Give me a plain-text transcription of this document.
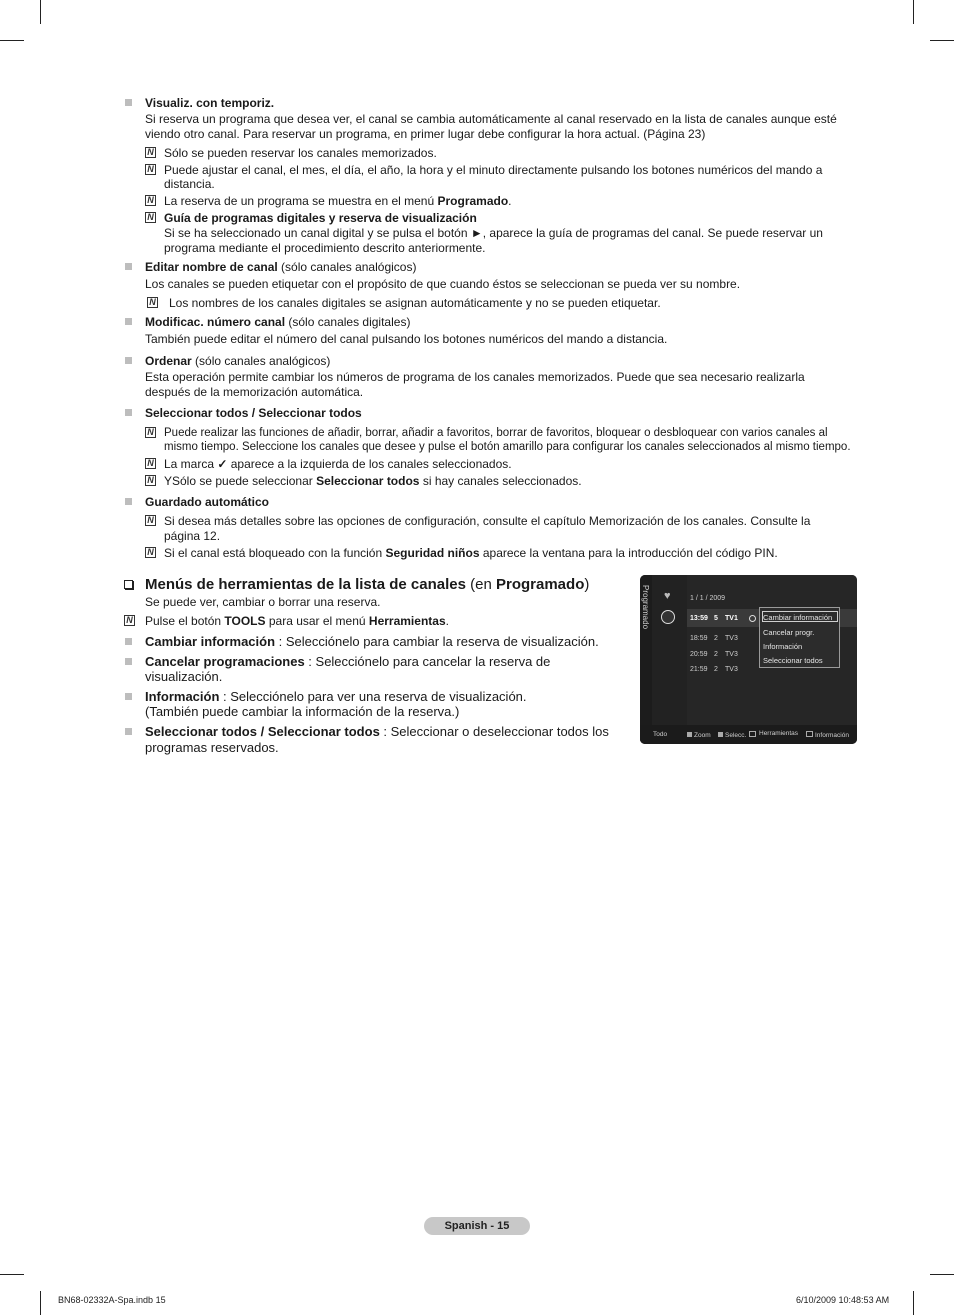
Visualiz. con temporiz.
Si reserva un programa que desea ver, el canal se cambia automáticamente al canal reservado en la lista de canales aunque esté
viendo otro canal. Para reservar un programa, en primer lugar debe configurar la hora actual. (Página 23)
N Sólo se pueden reservar los canales memorizados.
N Puede ajustar el canal, el mes, el día, el año, la hora y el minuto directamente pulsando los botones numéricos del mando a
distancia.
N La reserva de un programa se muestra en el menú Programado.
N Guía de programas digitales y reserva de visualización
Si se ha seleccionado un canal digital y se pulsa el botón ►, aparece la guía de programas del canal. Se puede reservar un
programa mediante el procedimiento descrito anteriormente.
Editar nombre de canal (sólo canales analógicos)
Los canales se pueden etiquetar con el propósito de que cuando éstos se seleccionan se pueda ver su nombre.
N Los nombres de los canales digitales se asignan automáticamente y no se pueden etiquetar.
Modificac. número canal (sólo canales digitales)
También puede editar el número del canal pulsando los botones numéricos del mando a distancia.
Ordenar (sólo canales analógicos)
Esta operación permite cambiar los números de programa de los canales memorizados. Puede que sea necesario realizarla
después de la memorización automática.
Seleccionar todos / Seleccionar todos
N Puede realizar las funciones de añadir, borrar, añadir a favoritos, borrar de favoritos, bloquear o desbloquear con varios canales al
mismo tiempo. Seleccione los canales que desee y pulse el botón amarillo para configurar los canales seleccionados al mismo tiempo.
N La marca ✓ aparece a la izquierda de los canales seleccionados.
N YSólo se puede seleccionar Seleccionar todos si hay canales seleccionados.
Guardado automático
N Si desea más detalles sobre las opciones de configuración, consulte el capítulo Memorización de los canales. Consulte la
página 12.
N Si el canal está bloqueado con la función Seguridad niños aparece la ventana para la introducción del código PIN.
Menús de herramientas de la lista de canales (en Programado)
Se puede ver, cambiar o borrar una reserva.
N Pulse el botón TOOLS para usar el menú Herramientas.
Cambiar información : Selecciónelo para cambiar la reserva de visualización.
Cancelar programaciones : Selecciónelo para cancelar la reserva de
visualización.
Información : Selecciónelo para ver una reserva de visualización.
(También puede cambiar la información de la reserva.)
Seleccionar todos / Seleccionar todos : Seleccionar o deseleccionar todos los
programas reservados.
Programado ♥	1 / 1 / 2009
13:59 5 TV1
18:59 2 TV3
20:59 2 TV3
21:59 2 TV3
Cambiar información
Cancelar progr.
Información
Seleccionar todos
Todo	Zoom Selecc. Herramientas	Información
Spanish - 15
BN68-02332A-Spa.indb 15	6/10/2009 10:48:53 AM
